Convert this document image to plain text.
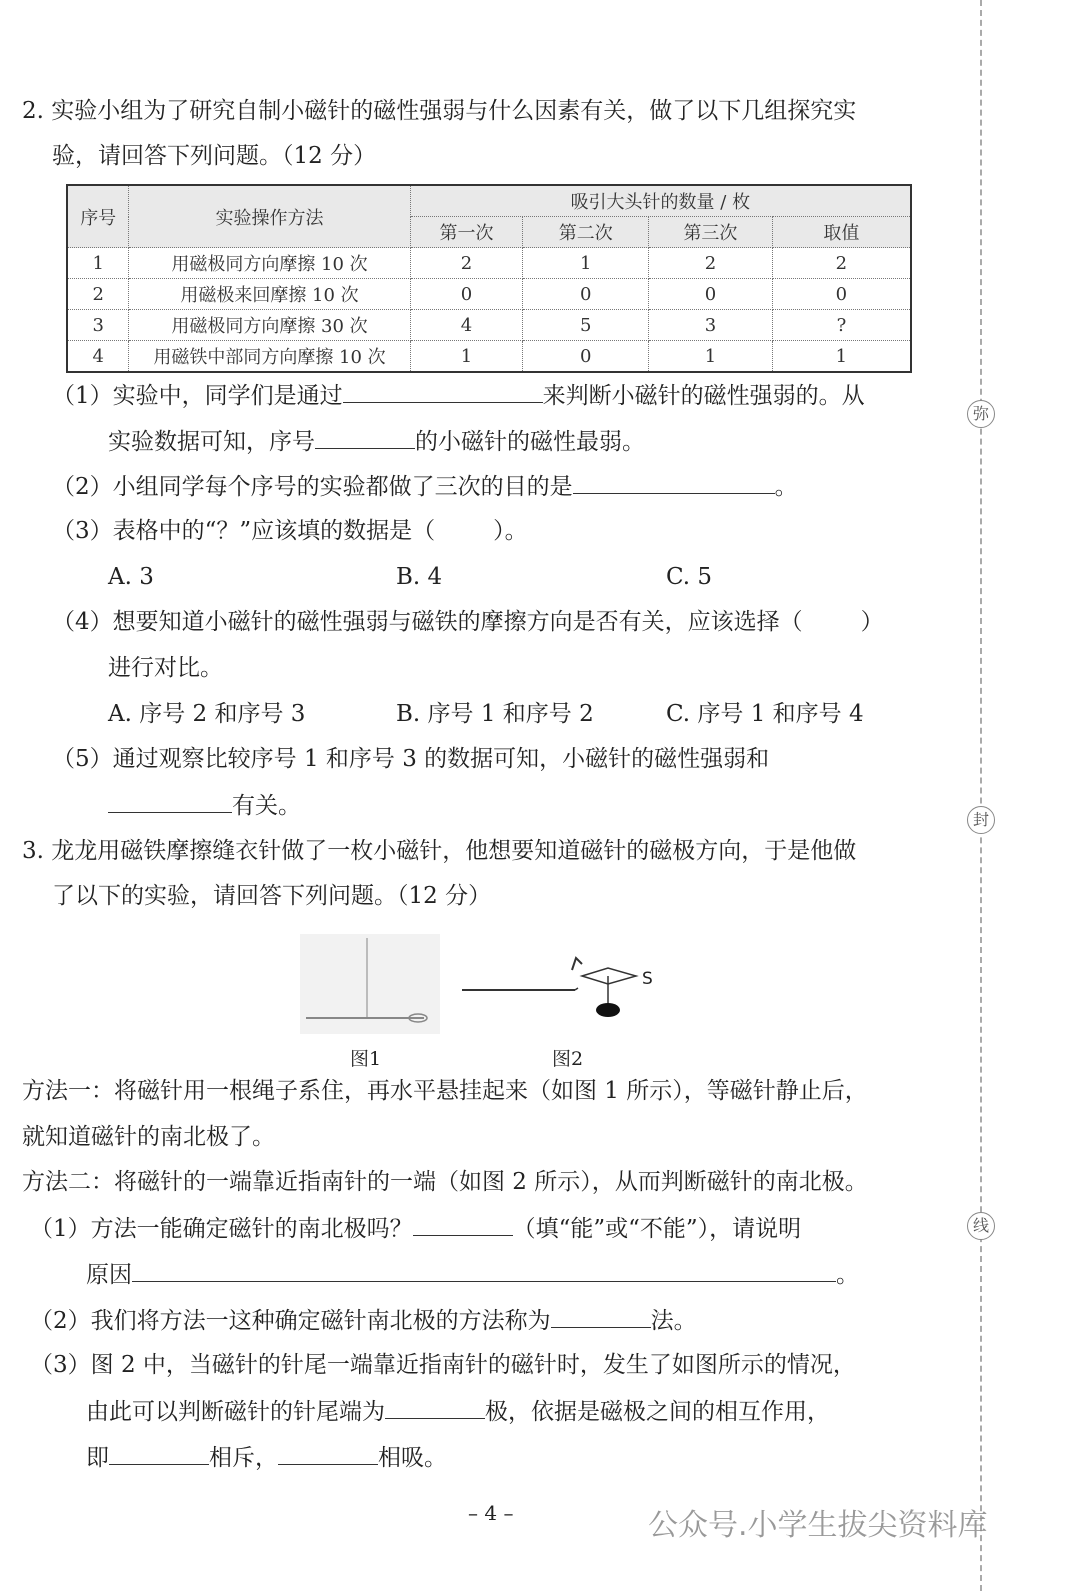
弥
封
线
2. 实验小组为了研究自制小磁针的磁性强弱与什么因素有关，做了以下几组探究实
验，请回答下列问题。（12 分）
序号	实验操作方法	吸引大头针的数量 / 枚			
		第一次	第二次	第三次	取值
1	用磁极同方向摩擦 10 次	2	1	2	2
2	用磁极来回摩擦 10 次	0	0	0	0
3	用磁极同方向摩擦 30 次	4	5	3	?
4	用磁铁中部同方向摩擦 10 次	1	0	1	1
（1）实验中，同学们是通过	来判断小磁针的磁性强弱的。从
实验数据可知，序号	的小磁针的磁性最弱。
（2）小组同学每个序号的实验都做了三次的目的是	。
（3）表格中的“？”应该填的数据是（	）。
A. 3	B. 4	C. 5
（4）想要知道小磁针的磁性强弱与磁铁的摩擦方向是否有关，应该选择（	）
进行对比。
A. 序号 2 和序号 3	B. 序号 1 和序号 2	C. 序号 1 和序号 4
（5）通过观察比较序号 1 和序号 3 的数据可知，小磁针的磁性强弱和
有关。
3. 龙龙用磁铁摩擦缝衣针做了一枚小磁针，他想要知道磁针的磁极方向，于是他做
了以下的实验，请回答下列问题。（12 分）
S
图1	图2
方法一：将磁针用一根绳子系住，再水平悬挂起来（如图 1 所示），等磁针静止后，
就知道磁针的南北极了。
方法二：将磁针的一端靠近指南针的一端（如图 2 所示），从而判断磁针的南北极。
（1）方法一能确定磁针的南北极吗？	（填“能”或“不能”），请说明
原因	。
（2）我们将方法一这种确定磁针南北极的方法称为	法。
（3）图 2 中，当磁针的针尾一端靠近指南针的磁针时，发生了如图所示的情况，
由此可以判断磁针的针尾端为	极，依据是磁极之间的相互作用，
即	相斥，	相吸。
– 4 –	公众号.小学生拔尖资料库
